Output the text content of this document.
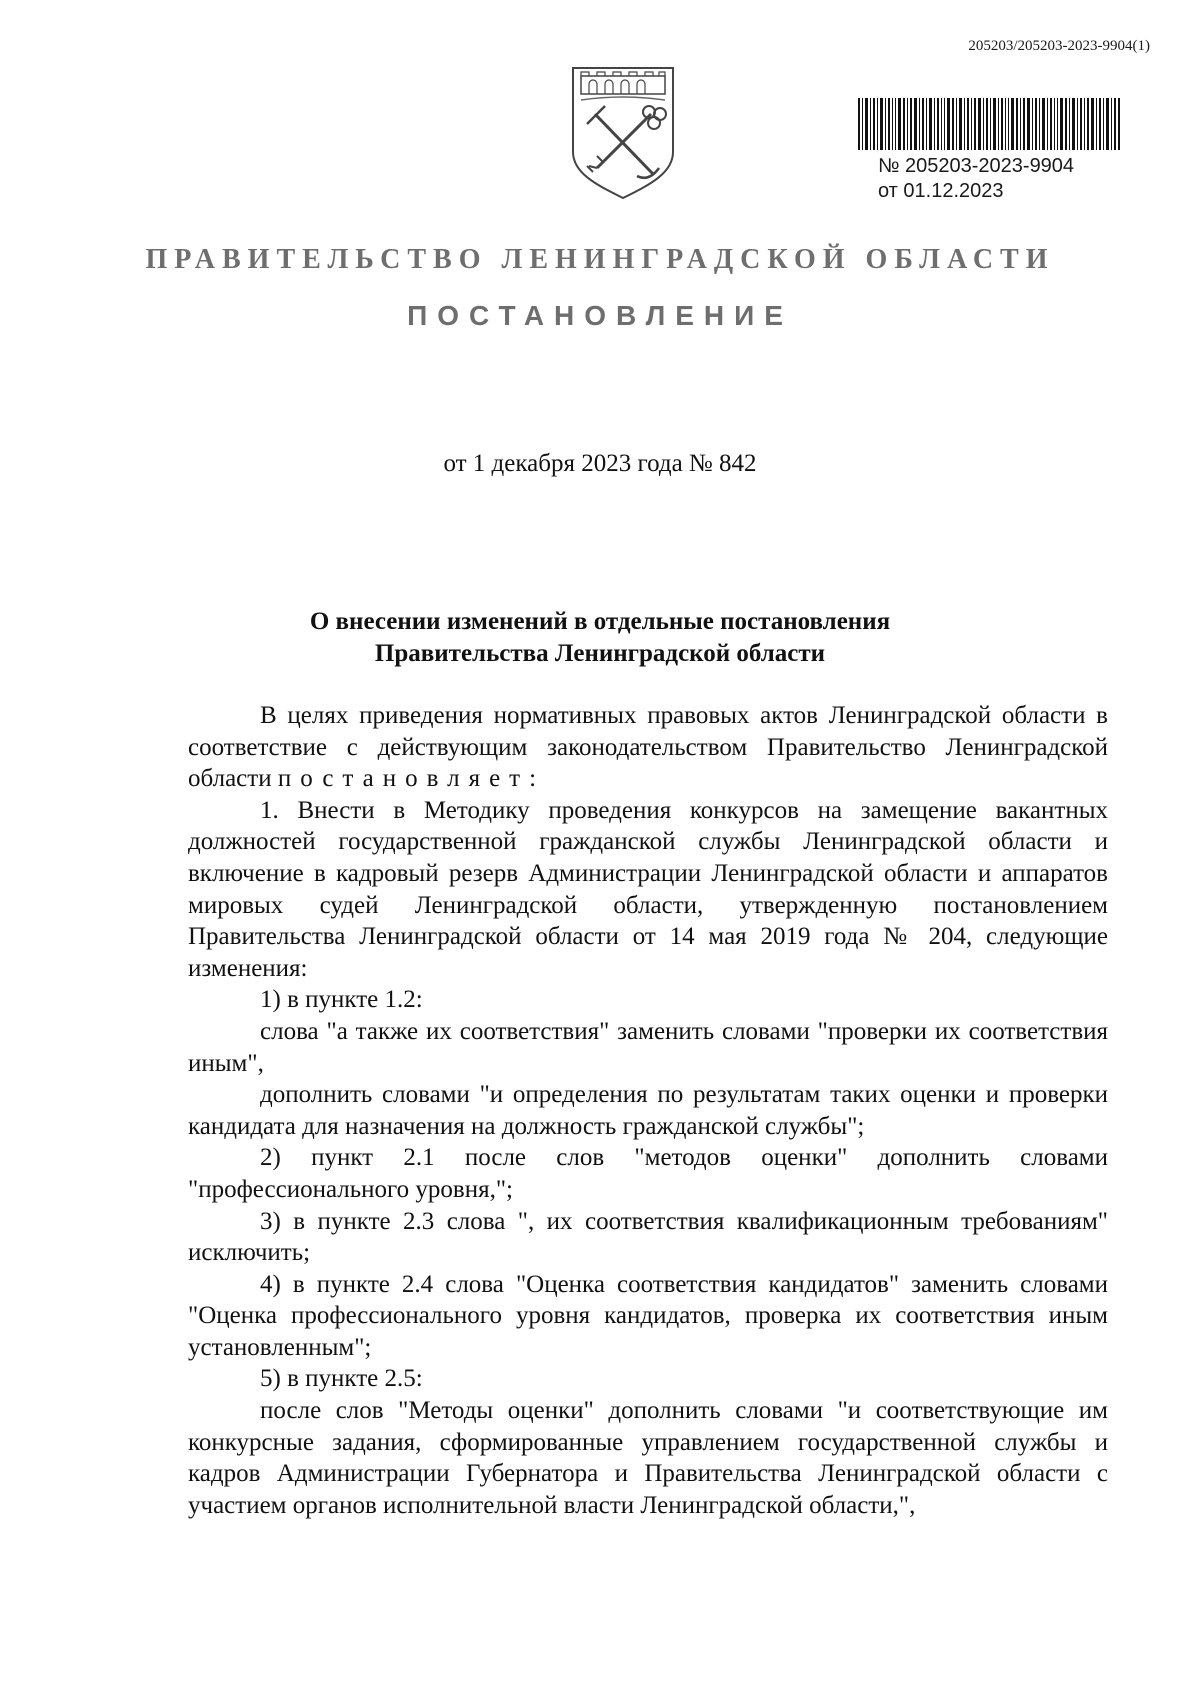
205203/205203-2023-9904(1)
№ 205203-2023-9904
от 01.12.2023
ПРАВИТЕЛЬСТВО ЛЕНИНГРАДСКОЙ ОБЛАСТИ
ПОСТАНОВЛЕНИЕ
от 1 декабря 2023 года № 842
О внесении изменений в отдельные постановления
Правительства Ленинградской области

В целях приведения нормативных правовых актов Ленинградской области в соответствие с действующим законодательством Правительство Ленинградской области постановляет:

1. Внести в Методику проведения конкурсов на замещение вакантных должностей государственной гражданской службы Ленинградской области и включение в кадровый резерв Администрации Ленинградской области и аппаратов мировых судей Ленинградской области, утвержденную постановлением Правительства Ленинградской области от 14 мая 2019 года № 204, следующие изменения:

1) в пункте 1.2:

слова "а также их соответствия" заменить словами "проверки их соответствия иным",

дополнить словами "и определения по результатам таких оценки и проверки кандидата для назначения на должность гражданской службы";

2) пункт 2.1 после слов "методов оценки" дополнить словами "профессионального уровня,";

3) в пункте 2.3 слова ", их соответствия квалификационным требованиям" исключить;

4) в пункте 2.4 слова "Оценка соответствия кандидатов" заменить словами "Оценка профессионального уровня кандидатов, проверка их соответствия иным установленным";

5) в пункте 2.5:

после слов "Методы оценки" дополнить словами "и соответствующие им конкурсные задания, сформированные управлением государственной службы и кадров Администрации Губернатора и Правительства Ленинградской области с участием органов исполнительной власти Ленинградской области,",
